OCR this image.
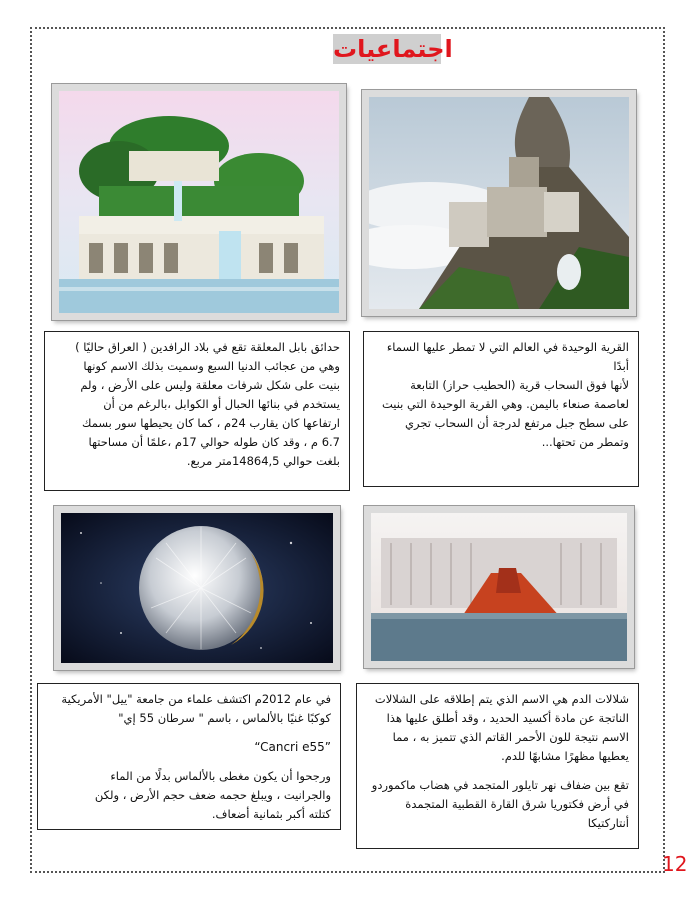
اجتماعيات

حدائق بابل المعلقة تقع في بلاد الرافدين ( العراق حاليًا )

وهي من عجائب الدنيا السبع وسميت بذلك الاسم كونها

بنيت على شكل شرفات معلقة وليس على الأرض ، ولم

يستخدم في بنائها الحبال أو الكوابل ،بالرغم من أن

ارتفاعها كان يقارب 24م ، كما كان يحيطها سور بسمك

6.7 م ، وقد كان طوله حوالي 17م ،علمًا أن مساحتها

بلغت حوالي 14864,5متر مربع.

القرية الوحيدة في العالم التي لا تمطر عليها السماء أبدًا

لأنها فوق السحاب قرية (الحطيب حراز) التابعة

لعاصمة صنعاء باليمن. وهي القرية الوحيدة التي بنيت

على سطح جبل مرتفع لدرجة أن السحاب تجري

وتمطر من تحتها...

في عام 2012م اكتشف علماء من جامعة "ييل" الأمريكية

كوكبًا غنيًا بالألماس ، باسم " سرطان 55 إي"

“Cancri e55”

ورجحوا أن يكون مغطى بالألماس بدلًا من الماء

والجرانيت ، ويبلغ حجمه ضعف حجم الأرض ، ولكن

كتلته أكبر بثمانية أضعاف.

شلالات الدم هي الاسم الذي يتم إطلاقه على الشلالات

الناتجة عن مادة أكسيد الحديد ، وقد أطلق عليها هذا

الاسم نتيجة للون الأحمر القاتم الذي تتميز به ، مما

يعطيها مظهرًا مشابهًا للدم.

تقع بين ضفاف نهر تايلور المتجمد في هضاب ماكموردو

في أرض فكتوريا شرق القارة القطبية المتجمدة

أنتاركتيكا

12
